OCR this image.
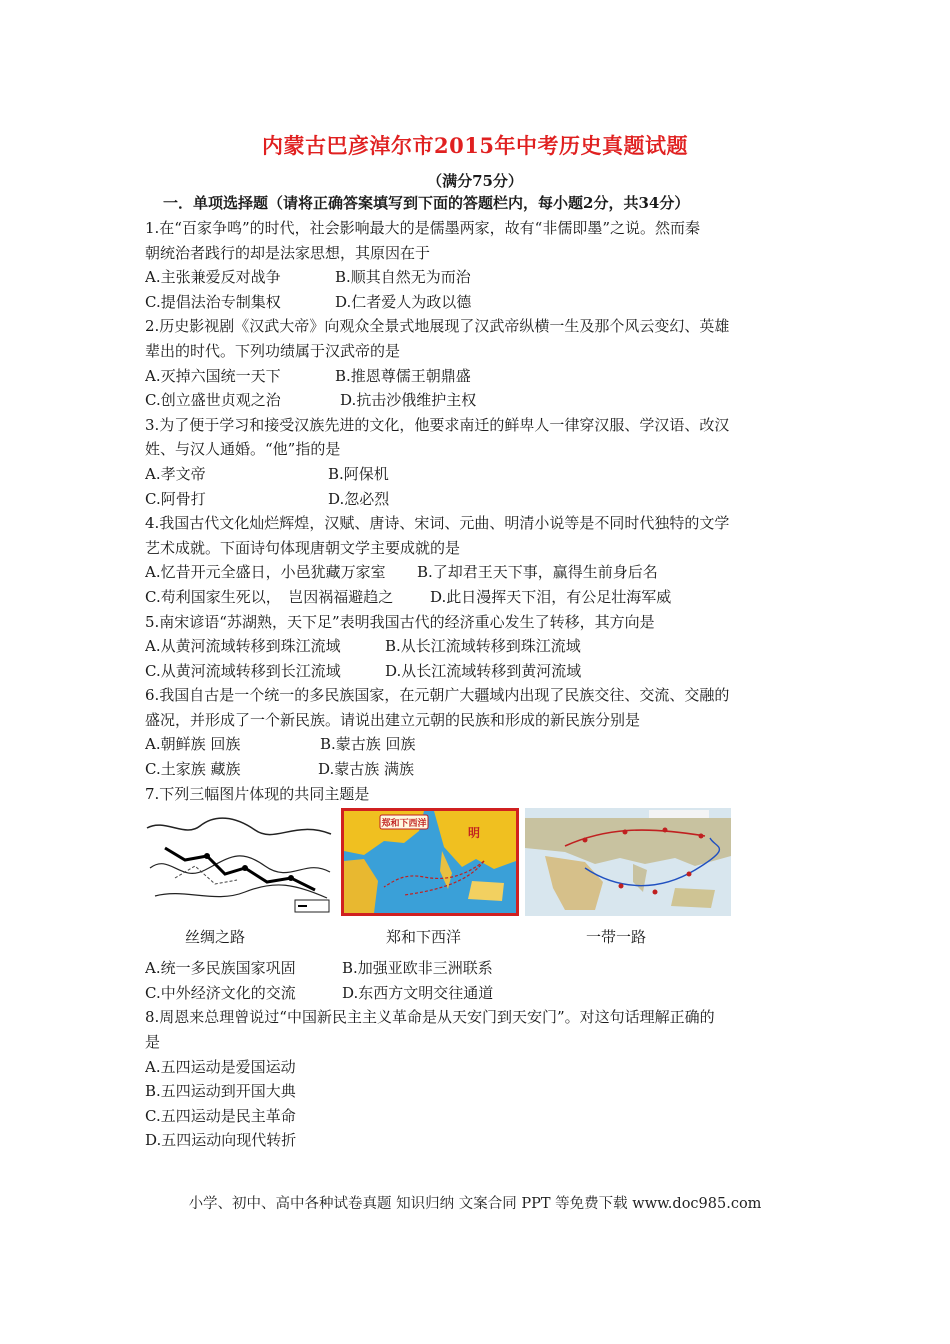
内蒙古巴彦淖尔市2015年中考历史真题试题
（满分75分）
一．单项选择题（请将正确答案填写到下面的答题栏内，每小题2分，共34分）
1.在“百家争鸣”的时代，社会影响最大的是儒墨两家，故有“非儒即墨”之说。然而秦
朝统治者践行的却是法家思想，其原因在于
A.主张兼爱反对战争	B.顺其自然无为而治
C.提倡法治专制集权	D.仁者爱人为政以德
2.历史影视剧《汉武大帝》向观众全景式地展现了汉武帝纵横一生及那个风云变幻、英雄
辈出的时代。下列功绩属于汉武帝的是
A.灭掉六国统一天下	B.推恩尊儒王朝鼎盛
C.创立盛世贞观之治	D.抗击沙俄维护主权
3.为了便于学习和接受汉族先进的文化，他要求南迁的鲜卑人一律穿汉服、学汉语、改汉
姓、与汉人通婚。“他”指的是
A.孝文帝	B.阿保机
C.阿骨打	D.忽必烈
4.我国古代文化灿烂辉煌，汉赋、唐诗、宋词、元曲、明清小说等是不同时代独特的文学
艺术成就。下面诗句体现唐朝文学主要成就的是
A.忆昔开元全盛日，小邑犹藏万家室 B.了却君王天下事，赢得生前身后名
C.苟利国家生死以，　岂因祸福避趋之 D.此日漫挥天下泪，有公足壮海军威
5.南宋谚语“苏湖熟，天下足”表明我国古代的经济重心发生了转移，其方向是
A.从黄河流域转移到珠江流域	B.从长江流域转移到珠江流域
C.从黄河流域转移到长江流域	D.从长江流域转移到黄河流域
6.我国自古是一个统一的多民族国家，在元朝广大疆域内出现了民族交往、交流、交融的
盛况，并形成了一个新民族。请说出建立元朝的民族和形成的新民族分别是
A.朝鲜族 回族	B.蒙古族 回族
C.土家族 藏族	D.蒙古族 满族
7.下列三幅图片体现的共同主题是
郑和下西洋
明
丝绸之路	郑和下西洋	一带一路
A.统一多民族国家巩固	B.加强亚欧非三洲联系
C.中外经济文化的交流	D.东西方文明交往通道
8.周恩来总理曾说过“中国新民主主义革命是从天安门到天安门”。对这句话理解正确的
是
A.五四运动是爱国运动
B.五四运动到开国大典
C.五四运动是民主革命
D.五四运动向现代转折
小学、初中、高中各种试卷真题 知识归纳 文案合同 PPT 等免费下载 www.doc985.com
